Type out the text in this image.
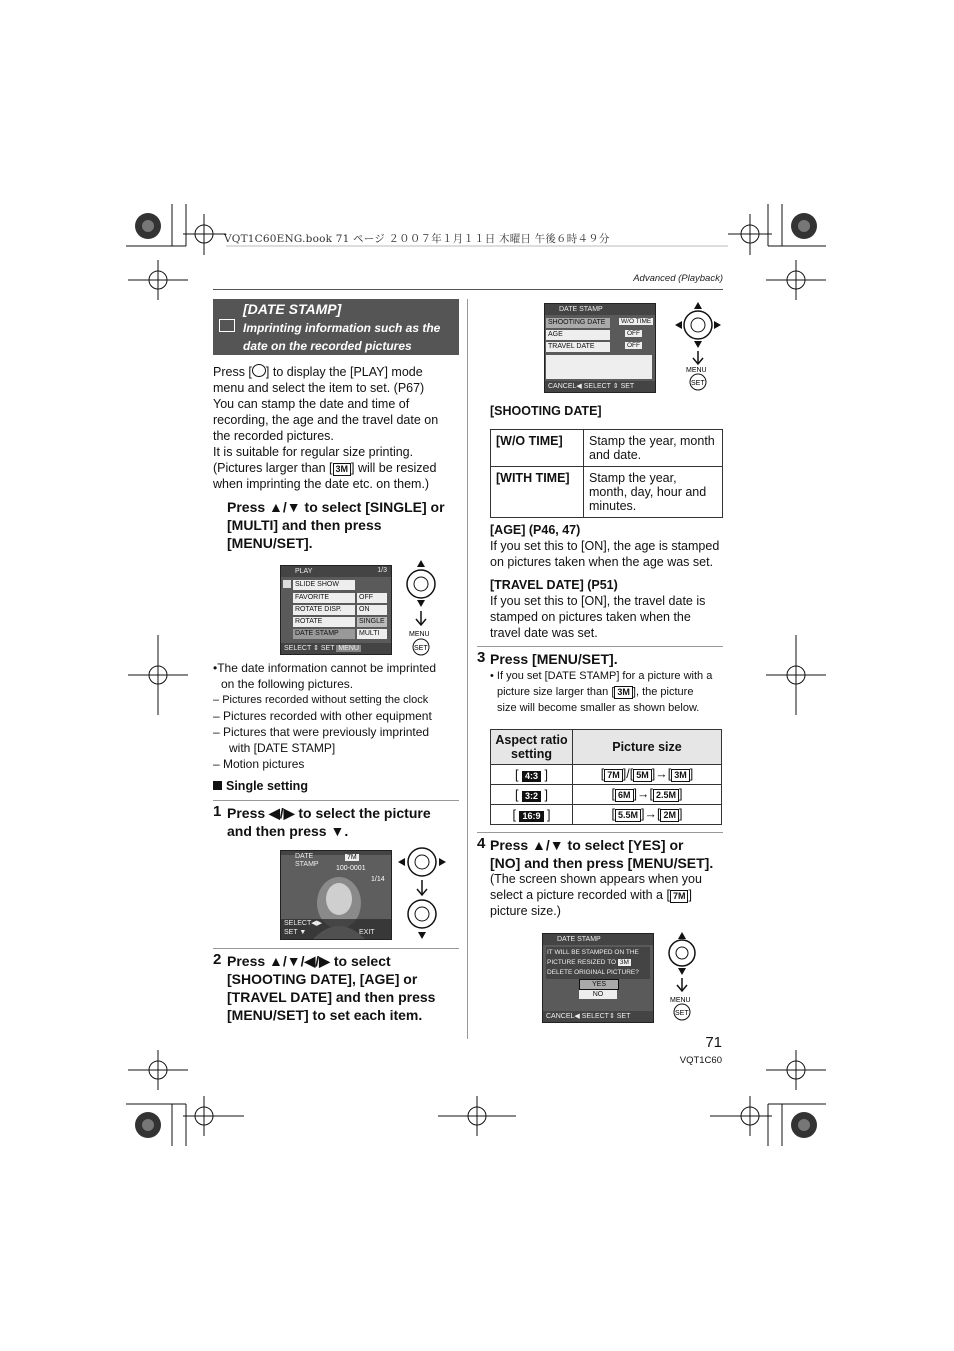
VQT1C60ENG.book 71 ページ ２００７年１月１１日 木曜日 午後６時４９分
Advanced (Playback)
[DATE STAMP]
Imprinting information such as the date on the recorded pictures
Press [ ] to display the [PLAY] mode
menu and select the item to set. (P67)
You can stamp the date and time of
recording, the age and the travel date on
the recorded pictures.
It is suitable for regular size printing.
(Pictures larger than [ 3M ] will be resized
when imprinting the date etc. on them.)
Press ▲/▼ to select [SINGLE] or
[MULTI] and then press
[MENU/SET].
PLAY	1/3
SLIDE SHOW
FAVORITE	OFF
ROTATE DISP.	ON
ROTATE	SINGLE
DATE STAMP	MULTI
SELECT ⇕ SET MENU
MENU
SET
•The date information cannot be imprinted
on the following pictures.
– Pictures recorded without setting the clock
– Pictures recorded with other equipment
– Pictures that were previously imprinted
with [DATE STAMP]
– Motion pictures
Single setting
1 Press ◀/▶ to select the picture
and then press ▼.
DATE STAMP
7M
100-0001
1/14
SELECT◀▶
SET ▼	EXIT
2 Press ▲/▼/◀/▶ to select
[SHOOTING DATE], [AGE] or
[TRAVEL DATE] and then press
[MENU/SET] to set each item.
DATE STAMP
SHOOTING DATE	W/O TIME
AGE	OFF
TRAVEL DATE	OFF
CANCEL◀ SELECT ⇕ SET
MENU
SET
[SHOOTING DATE]
[W/O TIME]	Stamp the year, month and date.
[WITH TIME]	Stamp the year, month, day, hour and minutes.
[AGE] (P46, 47)
If you set this to [ON], the age is stamped
on pictures taken when the age was set.
[TRAVEL DATE] (P51)
If you set this to [ON], the travel date is
stamped on pictures taken when the
travel date was set.
3 Press [MENU/SET].
• If you set [DATE STAMP] for a picture with a
picture size larger than [ 3M ], the picture
size will become smaller as shown below.
Aspect ratio setting	Picture size
[ 4:3 ]	[ 7M ]/[ 5M ]→[ 3M ]
[ 3:2 ]	[ 6M ]→[ 2.5M ]
[ 16:9 ]	[ 5.5M ]→[ 2M ]
4 Press ▲/▼ to select [YES] or
[NO] and then press [MENU/SET].
(The screen shown appears when you
select a picture recorded with a [ 7M ]
picture size.)
DATE STAMP
IT WILL BE STAMPED ON THE
PICTURE RESIZED TO 3M
DELETE ORIGINAL PICTURE?
YES
NO
CANCEL◀ SELECT⇕ SET
MENU
SET
71
VQT1C60
